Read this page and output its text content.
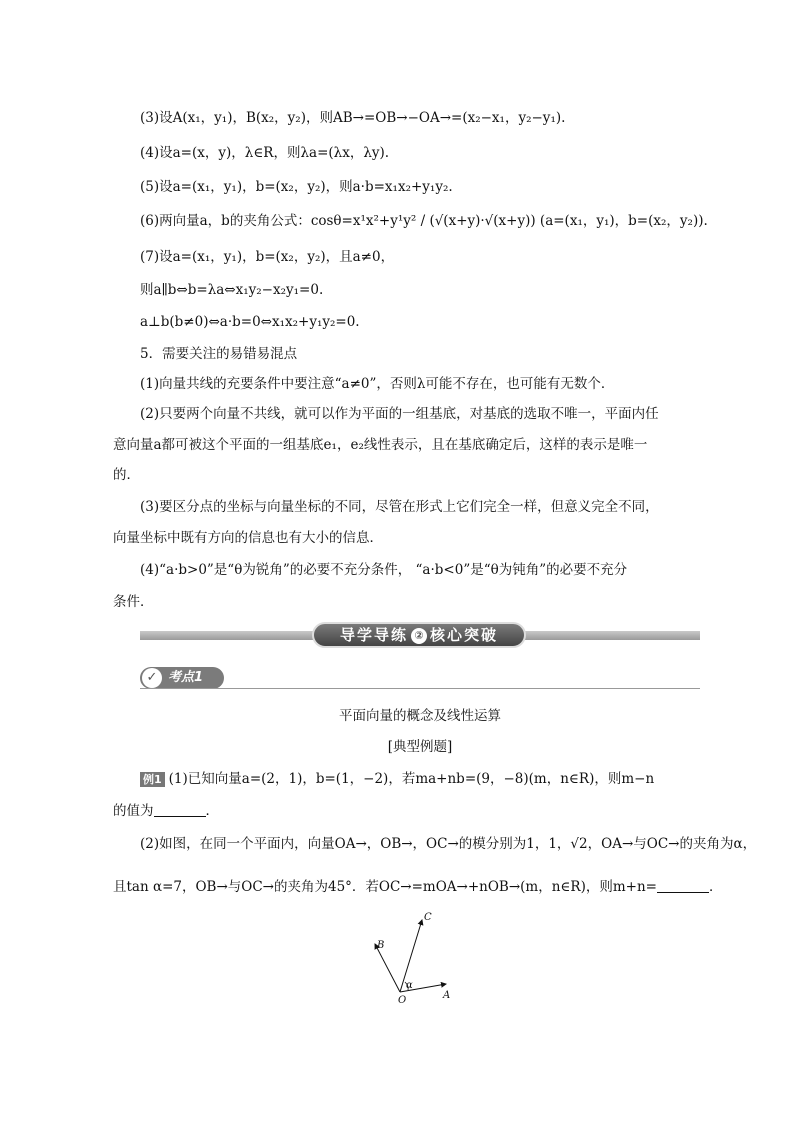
(3)设A(x₁，y₁)，B(x₂，y₂)，则AB→=OB→−OA→=(x₂−x₁，y₂−y₁).
(4)设a=(x，y)，λ∈R，则λa=(λx，λy).
(5)设a=(x₁，y₁)，b=(x₂，y₂)，则a·b=x₁x₂+y₁y₂.
(6)两向量a，b的夹角公式：cosθ=x¹x²+y¹y² / (√(x+y)·√(x+y)) (a=(x₁，y₁)，b=(x₂，y₂)).
(7)设a=(x₁，y₁)，b=(x₂，y₂)，且a≠0，
则a∥b⇔b=λa⇔x₁y₂−x₂y₁=0.
a⊥b(b≠0)⇔a·b=0⇔x₁x₂+y₁y₂=0.
5．需要关注的易错易混点
(1)向量共线的充要条件中要注意“a≠0”，否则λ可能不存在，也可能有无数个．
(2)只要两个向量不共线，就可以作为平面的一组基底，对基底的选取不唯一，平面内任
意向量a都可被这个平面的一组基底e₁，e₂线性表示，且在基底确定后，这样的表示是唯一
的．
(3)要区分点的坐标与向量坐标的不同，尽管在形式上它们完全一样，但意义完全不同，
向量坐标中既有方向的信息也有大小的信息．
(4)“a·b>0”是“θ为锐角”的必要不充分条件， “a·b<0”是“θ为钝角”的必要不充分
条件．
导学导练 ② 核心突破
✓ 考点1
平面向量的概念及线性运算
[典型例题]
例1 (1)已知向量a=(2，1)，b=(1，−2)，若ma+nb=(9，−8)(m，n∈R)，则m−n
的值为	．
(2)如图，在同一个平面内，向量OA→，OB→，OC→的模分别为1，1，√2，OA→与OC→的夹角为α，
且tan α=7，OB→与OC→的夹角为45°．若OC→=mOA→+nOB→(m，n∈R)，则m+n=	．
C
B
A
O
α
